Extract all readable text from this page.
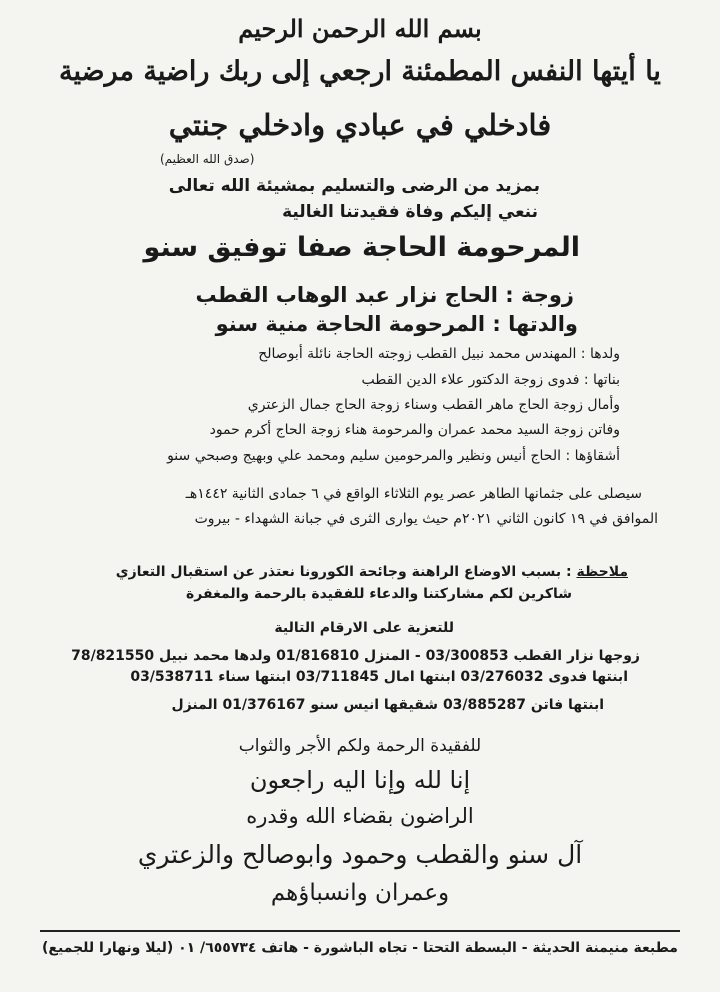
بسم الله الرحمن الرحيم
يا أيتها النفس المطمئنة ارجعي إلى ربك راضية مرضية
فادخلي في عبادي وادخلي جنتي
(صدق الله العظيم)
بمزيد من الرضى والتسليم بمشيئة الله تعالى
ننعي إليكم وفاة فقيدتنا الغالية
المرحومة الحاجة صفا توفيق سنو
زوجة : الحاج نزار عبد الوهاب القطب
والدتها : المرحومة الحاجة منية سنو
ولدها : المهندس محمد نبيل القطب زوجته الحاجة نائلة أبوصالح
بناتها : فدوى زوجة الدكتور علاء الدين القطب
وأمال زوجة الحاج ماهر القطب وسناء زوجة الحاج جمال الزعتري
وفاتن زوجة السيد محمد عمران والمرحومة هناء زوجة الحاج أكرم حمود
أشقاؤها : الحاج أنيس ونظير والمرحومين سليم ومحمد علي وبهيج وصبحي سنو
سيصلى على جثمانها الطاهر عصر يوم الثلاثاء الواقع في ٦ جمادى الثانية ١٤٤٢هـ
الموافق في ١٩ كانون الثاني ٢٠٢١م حيث يوارى الثرى في جبانة الشهداء - بيروت
ملاحظة : بسبب الاوضاع الراهنة وجائحة الكورونا نعتذر عن استقبال التعازي
شاكرين لكم مشاركتنا والدعاء للفقيدة بالرحمة والمغفرة
للتعزية على الارقام التالية
زوجها نزار القطب 03/300853 - المنزل 01/816810 ولدها محمد نبيل 78/821550
ابنتها فدوى 03/276032 ابنتها امال 03/711845 ابنتها سناء 03/538711
ابنتها فاتن 03/885287 شقيقها انيس سنو 01/376167 المنزل
للفقيدة الرحمة ولكم الأجر والثواب
إنا لله وإنا اليه راجعون
الراضون بقضاء الله وقدره
آل سنو والقطب وحمود وابوصالح والزعتري
وعمران وانسباؤهم
مطبعة منيمنة الحديثة - البسطة التحتا - تجاه الباشورة - هاتف ٦٥٥٧٣٤/ ٠١ (ليلا ونهارا للجميع)
